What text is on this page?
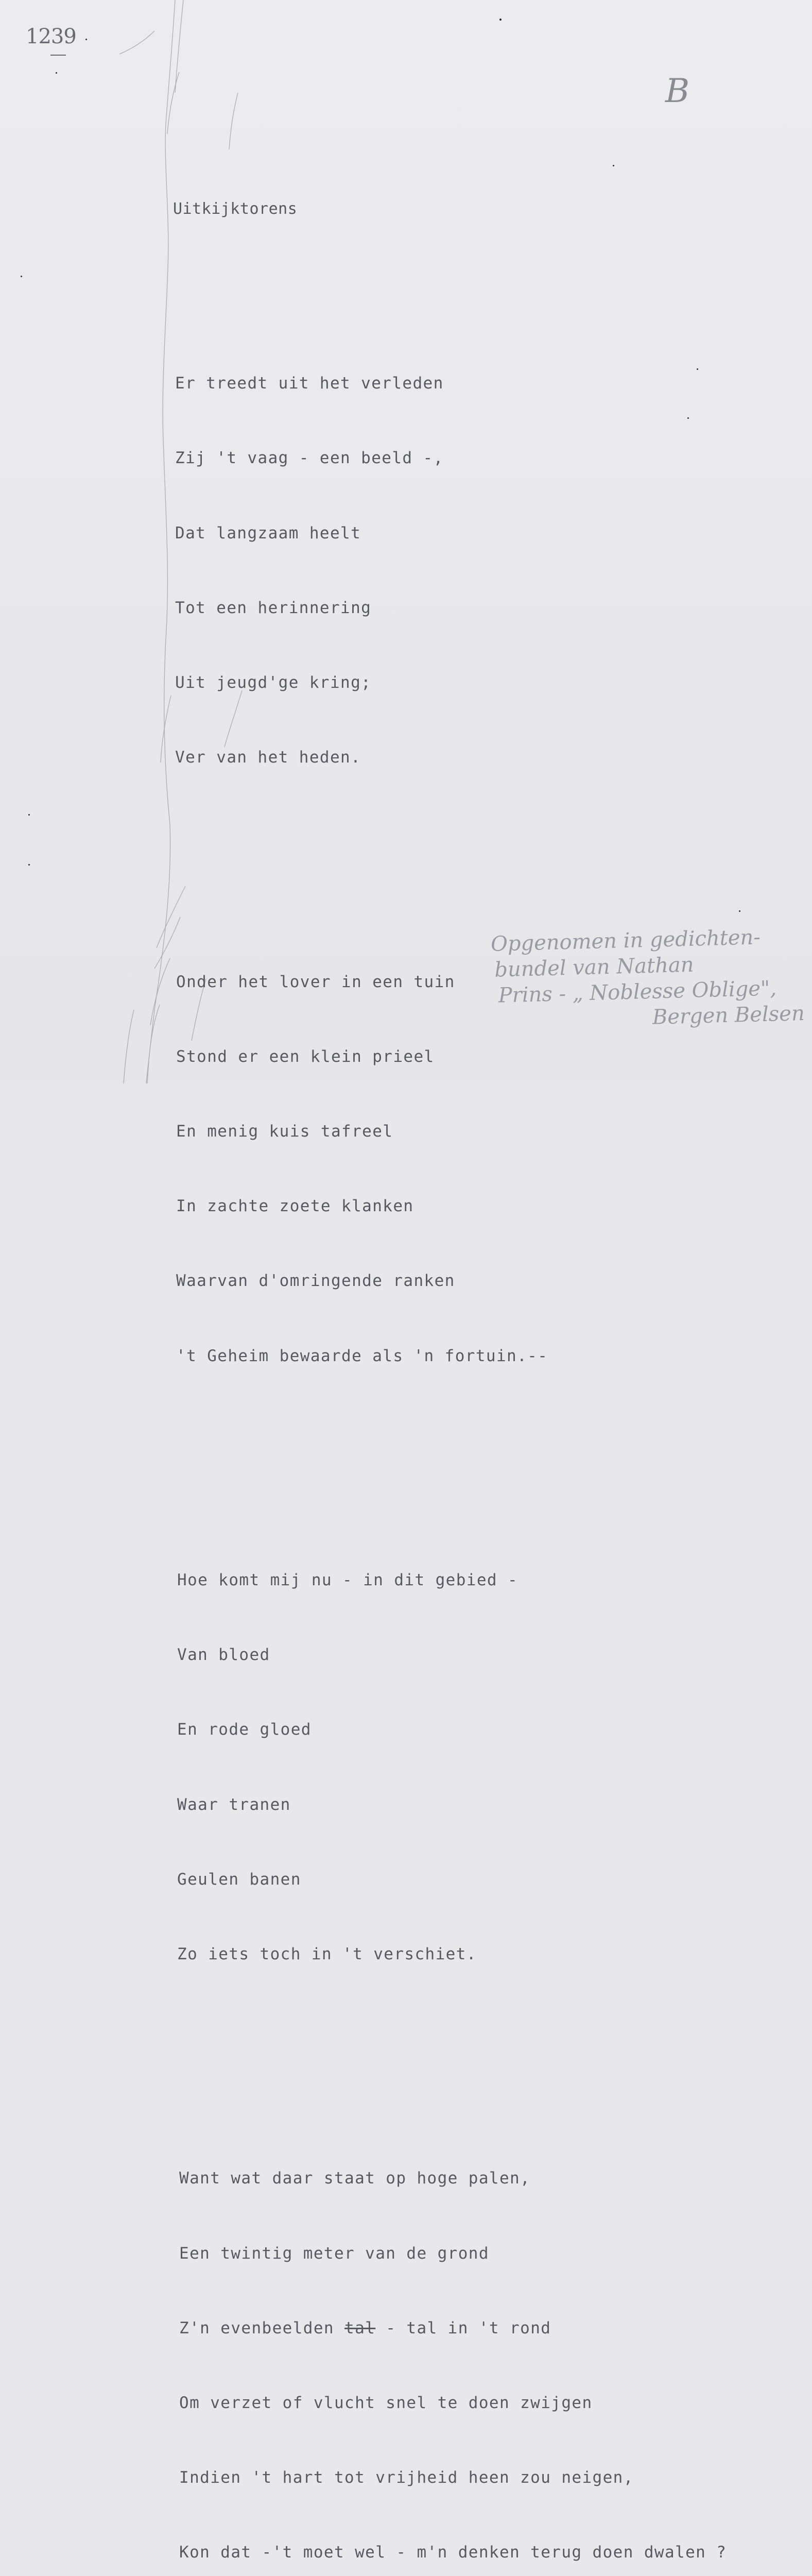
1239
B

Uitkijktorens

Er treedt uit het verleden

Zij 't vaag - een beeld -,

Dat langzaam heelt

Tot een herinnering

Uit jeugd'ge kring;

Ver van het heden.

Onder het lover in een tuin

Stond er een klein prieel

En menig kuis tafreel

In zachte zoete klanken

Waarvan d'omringende ranken

't Geheim bewaarde als 'n fortuin.--

Hoe komt mij nu - in dit gebied -

Van bloed

En rode gloed

Waar tranen

Geulen banen

Zo iets toch in 't verschiet.

Want wat daar staat op hoge palen,

Een twintig meter van de grond

Z'n evenbeelden tal - tal in 't rond

Om verzet of vlucht snel te doen zwijgen

Indien 't hart tot vrijheid heen zou neigen,

Kon dat -'t moet wel - m'n denken terug doen dwalen ?

Opgenomen in gedichten-
bundel van Nathan
Prins - „ Noblesse Oblige",
Bergen Belsen
